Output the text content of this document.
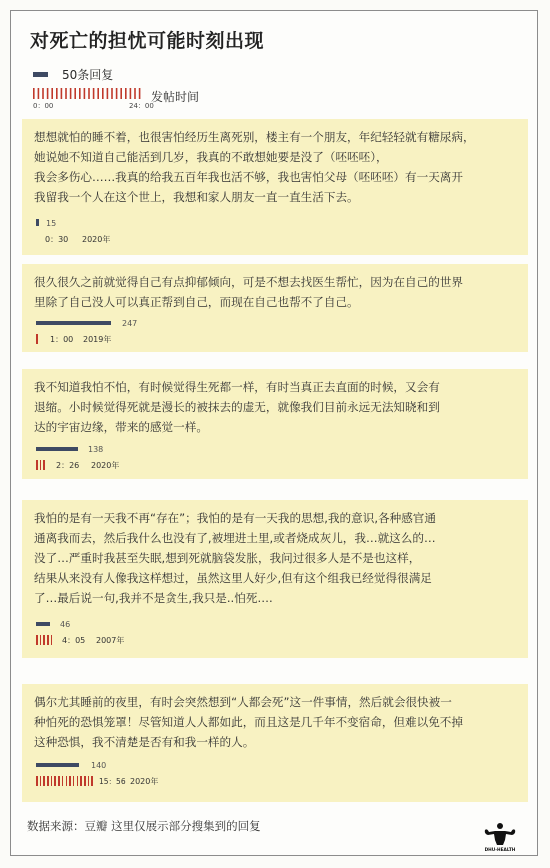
对死亡的担忧可能时刻出现
50条回复
发帖时间
0：00	24：00
想想就怕的睡不着，也很害怕经历生离死别，楼主有一个朋友，年纪轻轻就有糖尿病，
她说她不知道自己能活到几岁，我真的不敢想她要是没了（呸呸呸），
我会多伤心……我真的给我五百年我也活不够，我也害怕父母（呸呸呸）有一天离开
我留我一个人在这个世上，我想和家人朋友一直一直生活下去。
15
0：30 2020年
很久很久之前就觉得自己有点抑郁倾向，可是不想去找医生帮忙，因为在自己的世界
里除了自己没人可以真正帮到自己，而现在自己也帮不了自己。
247
1：00 2019年
我不知道我怕不怕，有时候觉得生死都一样，有时当真正去直面的时候，又会有
退缩。小时候觉得死就是漫长的被抹去的虚无，就像我们目前永远无法知晓和到
达的宇宙边缘，带来的感觉一样。
138
2：26 2020年
我怕的是有一天我不再“存在”；我怕的是有一天我的思想,我的意识,各种感官通
通离我而去，然后我什么也没有了,被埋进土里,或者烧成灰儿，我…就这么的…
没了…严重时我甚至失眠,想到死就脑袋发胀，我问过很多人是不是也这样，
结果从来没有人像我这样想过，虽然这里人好少,但有这个组我已经觉得很满足
了…最后说一句,我并不是贪生,我只是..怕死….
46
4：05 2007年
偶尔尤其睡前的夜里，有时会突然想到“人都会死”这一件事情，然后就会很快被一
种怕死的恐惧笼罩！尽管知道人人都如此，而且这是几千年不变宿命，但难以免不掉
这种恐惧，我不清楚是否有和我一样的人。
140
15：56 2020年
数据来源：豆瓣 这里仅展示部分搜集到的回复
DHU-HEALTH
